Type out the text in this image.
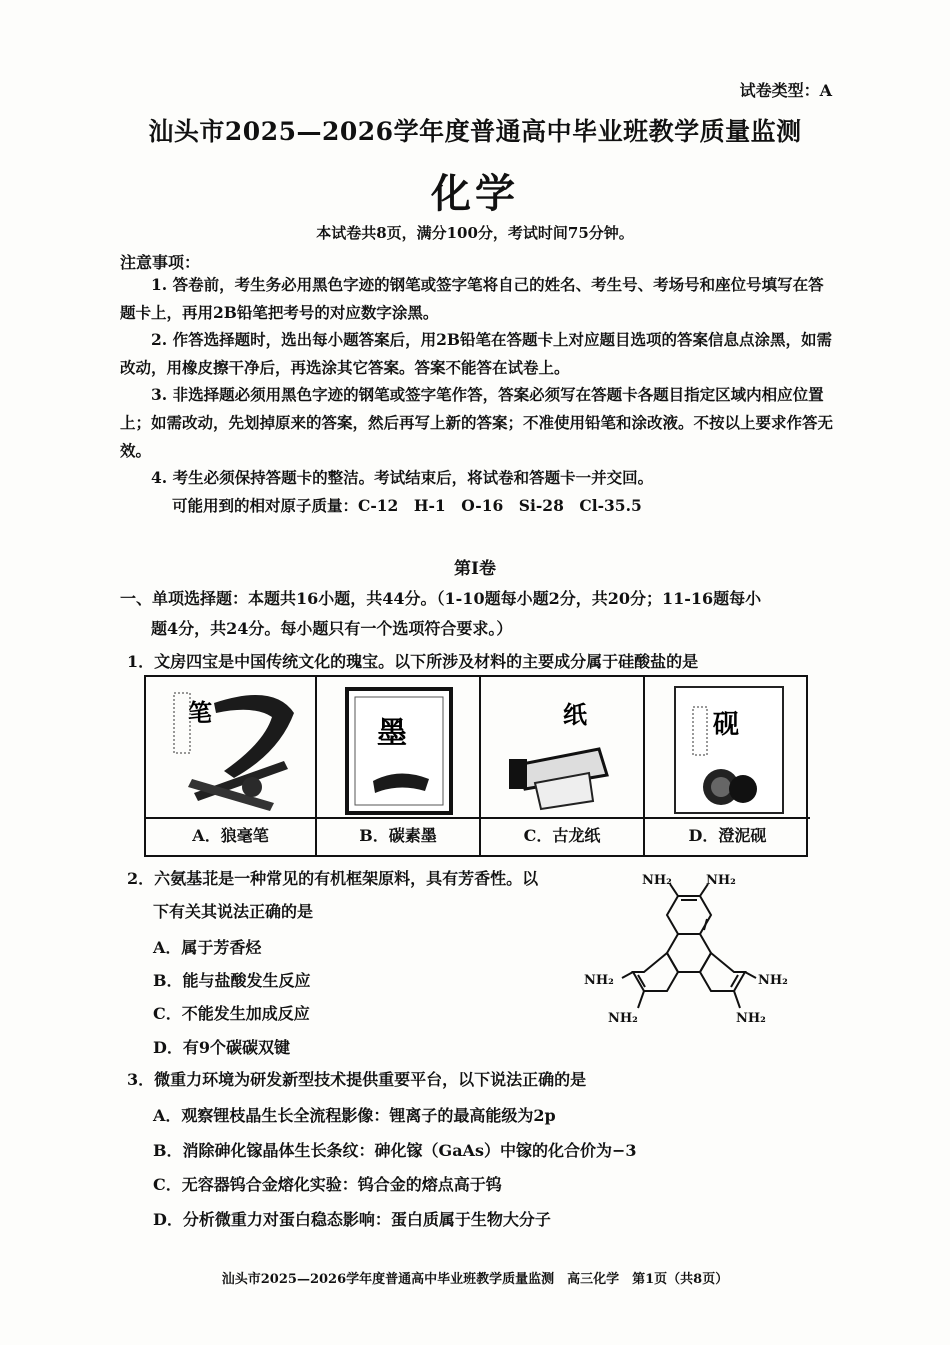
试卷类型：A
汕头市2025—2026学年度普通高中毕业班教学质量监测
化学
本试卷共8页，满分100分，考试时间75分钟。
注意事项：
1. 答卷前，考生务必用黑色字迹的钢笔或签字笔将自己的姓名、考生号、考场号和座位号填写在答题卡上，再用2B铅笔把考号的对应数字涂黑。
2. 作答选择题时，选出每小题答案后，用2B铅笔在答题卡上对应题目选项的答案信息点涂黑，如需改动，用橡皮擦干净后，再选涂其它答案。答案不能答在试卷上。
3. 非选择题必须用黑色字迹的钢笔或签字笔作答，答案必须写在答题卡各题目指定区域内相应位置上；如需改动，先划掉原来的答案，然后再写上新的答案；不准使用铅笔和涂改液。不按以上要求作答无效。
4. 考生必须保持答题卡的整洁。考试结束后，将试卷和答题卡一并交回。
可能用到的相对原子质量：C-12　H-1　O-16　Si-28　Cl-35.5
第Ⅰ卷
一、单项选择题：本题共16小题，共44分。（1-10题每小题2分，共20分；11-16题每小
题4分，共24分。每小题只有一个选项符合要求。）
1．文房四宝是中国传统文化的瑰宝。以下所涉及材料的主要成分属于硅酸盐的是
笔
A．狼毫笔
墨
B．碳素墨
纸
C．古龙纸
砚
D．澄泥砚
2．六氨基苝是一种常见的有机框架原料，具有芳香性。以
下有关其说法正确的是
A．属于芳香烃
B．能与盐酸发生反应
C．不能发生加成反应
D．有9个碳碳双键
NH₂	NH₂
NH₂	NH₂
NH₂	NH₂
3．微重力环境为研发新型技术提供重要平台，以下说法正确的是
A．观察锂枝晶生长全流程影像：锂离子的最高能级为2p
B．消除砷化镓晶体生长条纹：砷化镓（GaAs）中镓的化合价为−3
C．无容器钨合金熔化实验：钨合金的熔点高于钨
D．分析微重力对蛋白稳态影响：蛋白质属于生物大分子
汕头市2025—2026学年度普通高中毕业班教学质量监测　高三化学　第1页（共8页）
